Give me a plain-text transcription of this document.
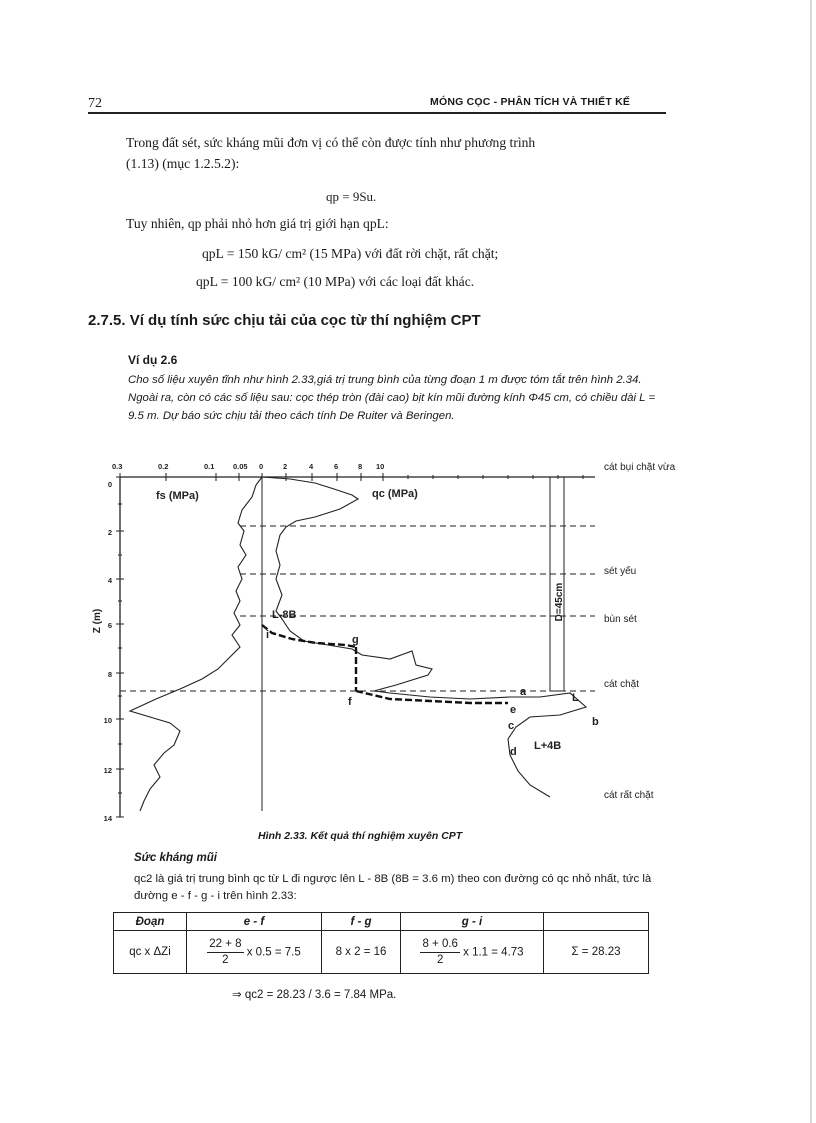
72	MÓNG CỌC - PHÂN TÍCH VÀ THIẾT KẾ
Trong đất sét, sức kháng mũi đơn vị có thể còn được tính như phương trình
(1.13) (mục 1.2.5.2):
qp = 9Su.
Tuy nhiên, qp phải nhỏ hơn giá trị giới hạn qpL:
qpL = 150 kG/ cm² (15 MPa) với đất rời chặt, rất chặt;
qpL = 100 kG/ cm² (10 MPa) với các loại đất khác.
2.7.5. Ví dụ tính sức chịu tải của cọc từ thí nghiệm CPT
Ví dụ 2.6
Cho số liệu xuyên tĩnh như hình 2.33,giá trị trung bình của từng đoạn 1 m được tóm tắt trên hình 2.34. Ngoài ra, còn có các số liệu sau: cọc thép tròn (đài cao) bịt kín mũi đường kính Φ45 cm, có chiều dài L = 9.5 m. Dự báo sức chịu tải theo cách tính De Ruiter và Beringen.
0.3	0.2	0.1 0.05 0	2	4	6	8 10
0
2
4
6
8
10
12
14
Z (m)
fs (MPa)	qc (MPa)
D=45cm
L-8B
i	g
f
a	L
b
e
c
d L+4B
cát bụi chặt vừa
sét yếu
bùn sét
cát chặt
cát rất chặt
Hình 2.33. Kết quả thí nghiệm xuyên CPT
Sức kháng mũi
qc2 là giá trị trung bình qc từ L đi ngược lên L - 8B (8B = 3.6 m) theo con đường có qc nhỏ nhất, tức là đường e - f - g - i trên hình 2.33:
Đoạn	e - f	f - g	g - i	
qc x ΔZi	$\frac{22 + 8}{2}$ x 0.5 = 7.5	8 x 2 = 16	$\frac{8 + 0.6}{2}$ x 1.1 = 4.73	Σ = 28.23
⇒ qc2 = 28.23 / 3.6 = 7.84 MPa.
